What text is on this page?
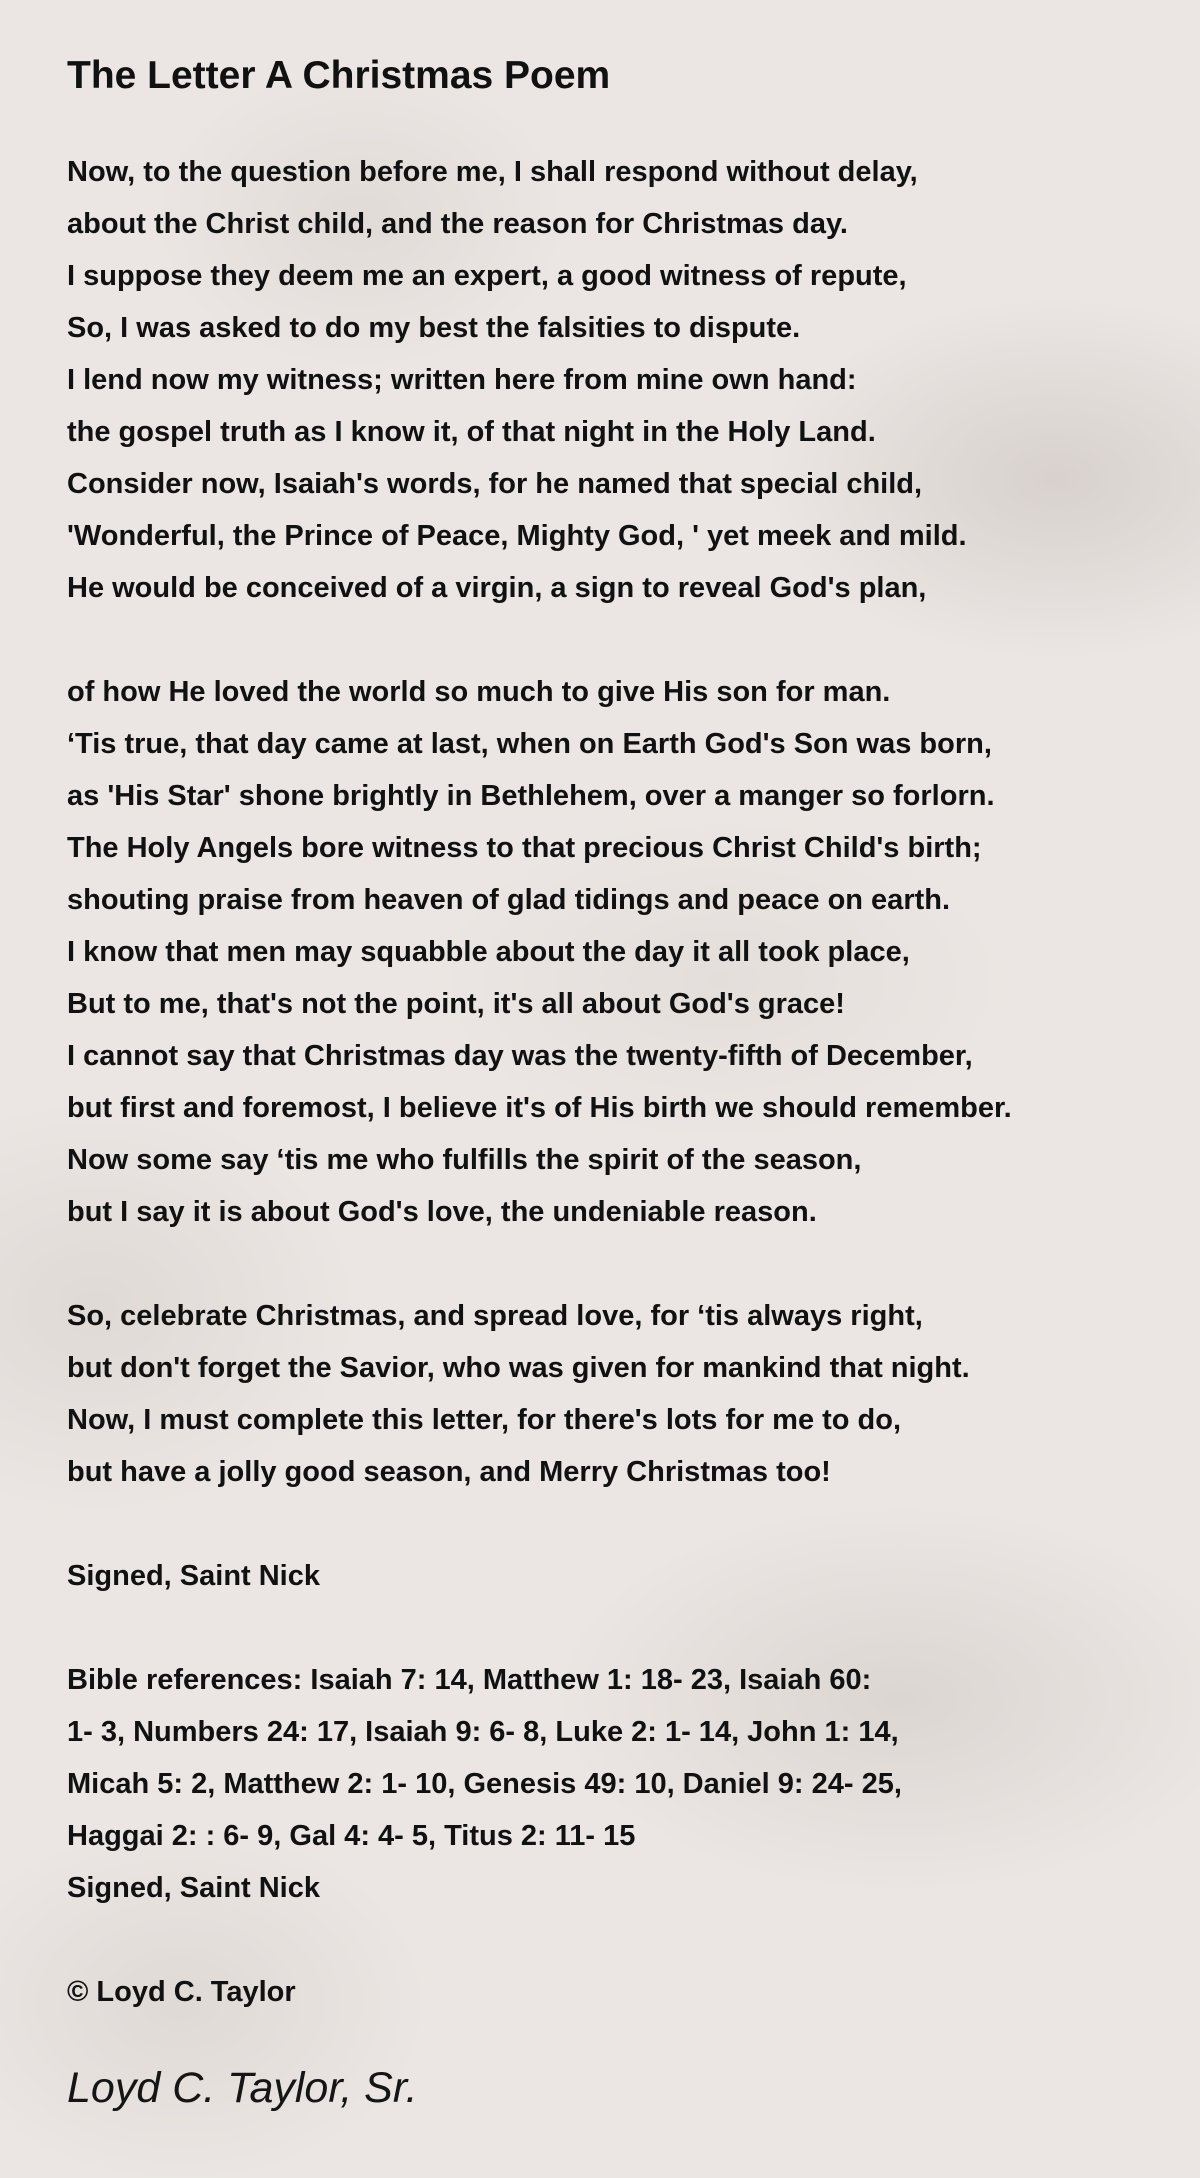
The Letter A Christmas Poem
Now, to the question before me, I shall respond without delay,
about the Christ child, and the reason for Christmas day.
I suppose they deem me an expert, a good witness of repute,
So, I was asked to do my best the falsities to dispute.
I lend now my witness; written here from mine own hand:
the gospel truth as I know it, of that night in the Holy Land.
Consider now, Isaiah's words, for he named that special child,
'Wonderful, the Prince of Peace, Mighty God, ' yet meek and mild.
He would be conceived of a virgin, a sign to reveal God's plan,
of how He loved the world so much to give His son for man.
‘Tis true, that day came at last, when on Earth God's Son was born,
as 'His Star' shone brightly in Bethlehem, over a manger so forlorn.
The Holy Angels bore witness to that precious Christ Child's birth;
shouting praise from heaven of glad tidings and peace on earth.
I know that men may squabble about the day it all took place,
But to me, that's not the point, it's all about God's grace!
I cannot say that Christmas day was the twenty-fifth of December,
but first and foremost, I believe it's of His birth we should remember.
Now some say ‘tis me who fulfills the spirit of the season,
but I say it is about God's love, the undeniable reason.
So, celebrate Christmas, and spread love, for ‘tis always right,
but don't forget the Savior, who was given for mankind that night.
Now, I must complete this letter, for there's lots for me to do,
but have a jolly good season, and Merry Christmas too!
Signed, Saint Nick
Bible references: Isaiah 7: 14, Matthew 1: 18- 23, Isaiah 60:
1- 3, Numbers 24: 17, Isaiah 9: 6- 8, Luke 2: 1- 14, John 1: 14,
Micah 5: 2, Matthew 2: 1- 10, Genesis 49: 10, Daniel 9: 24- 25,
Haggai 2: : 6- 9, Gal 4: 4- 5, Titus 2: 11- 15
Signed, Saint Nick
© Loyd C. Taylor
Loyd C. Taylor, Sr.
